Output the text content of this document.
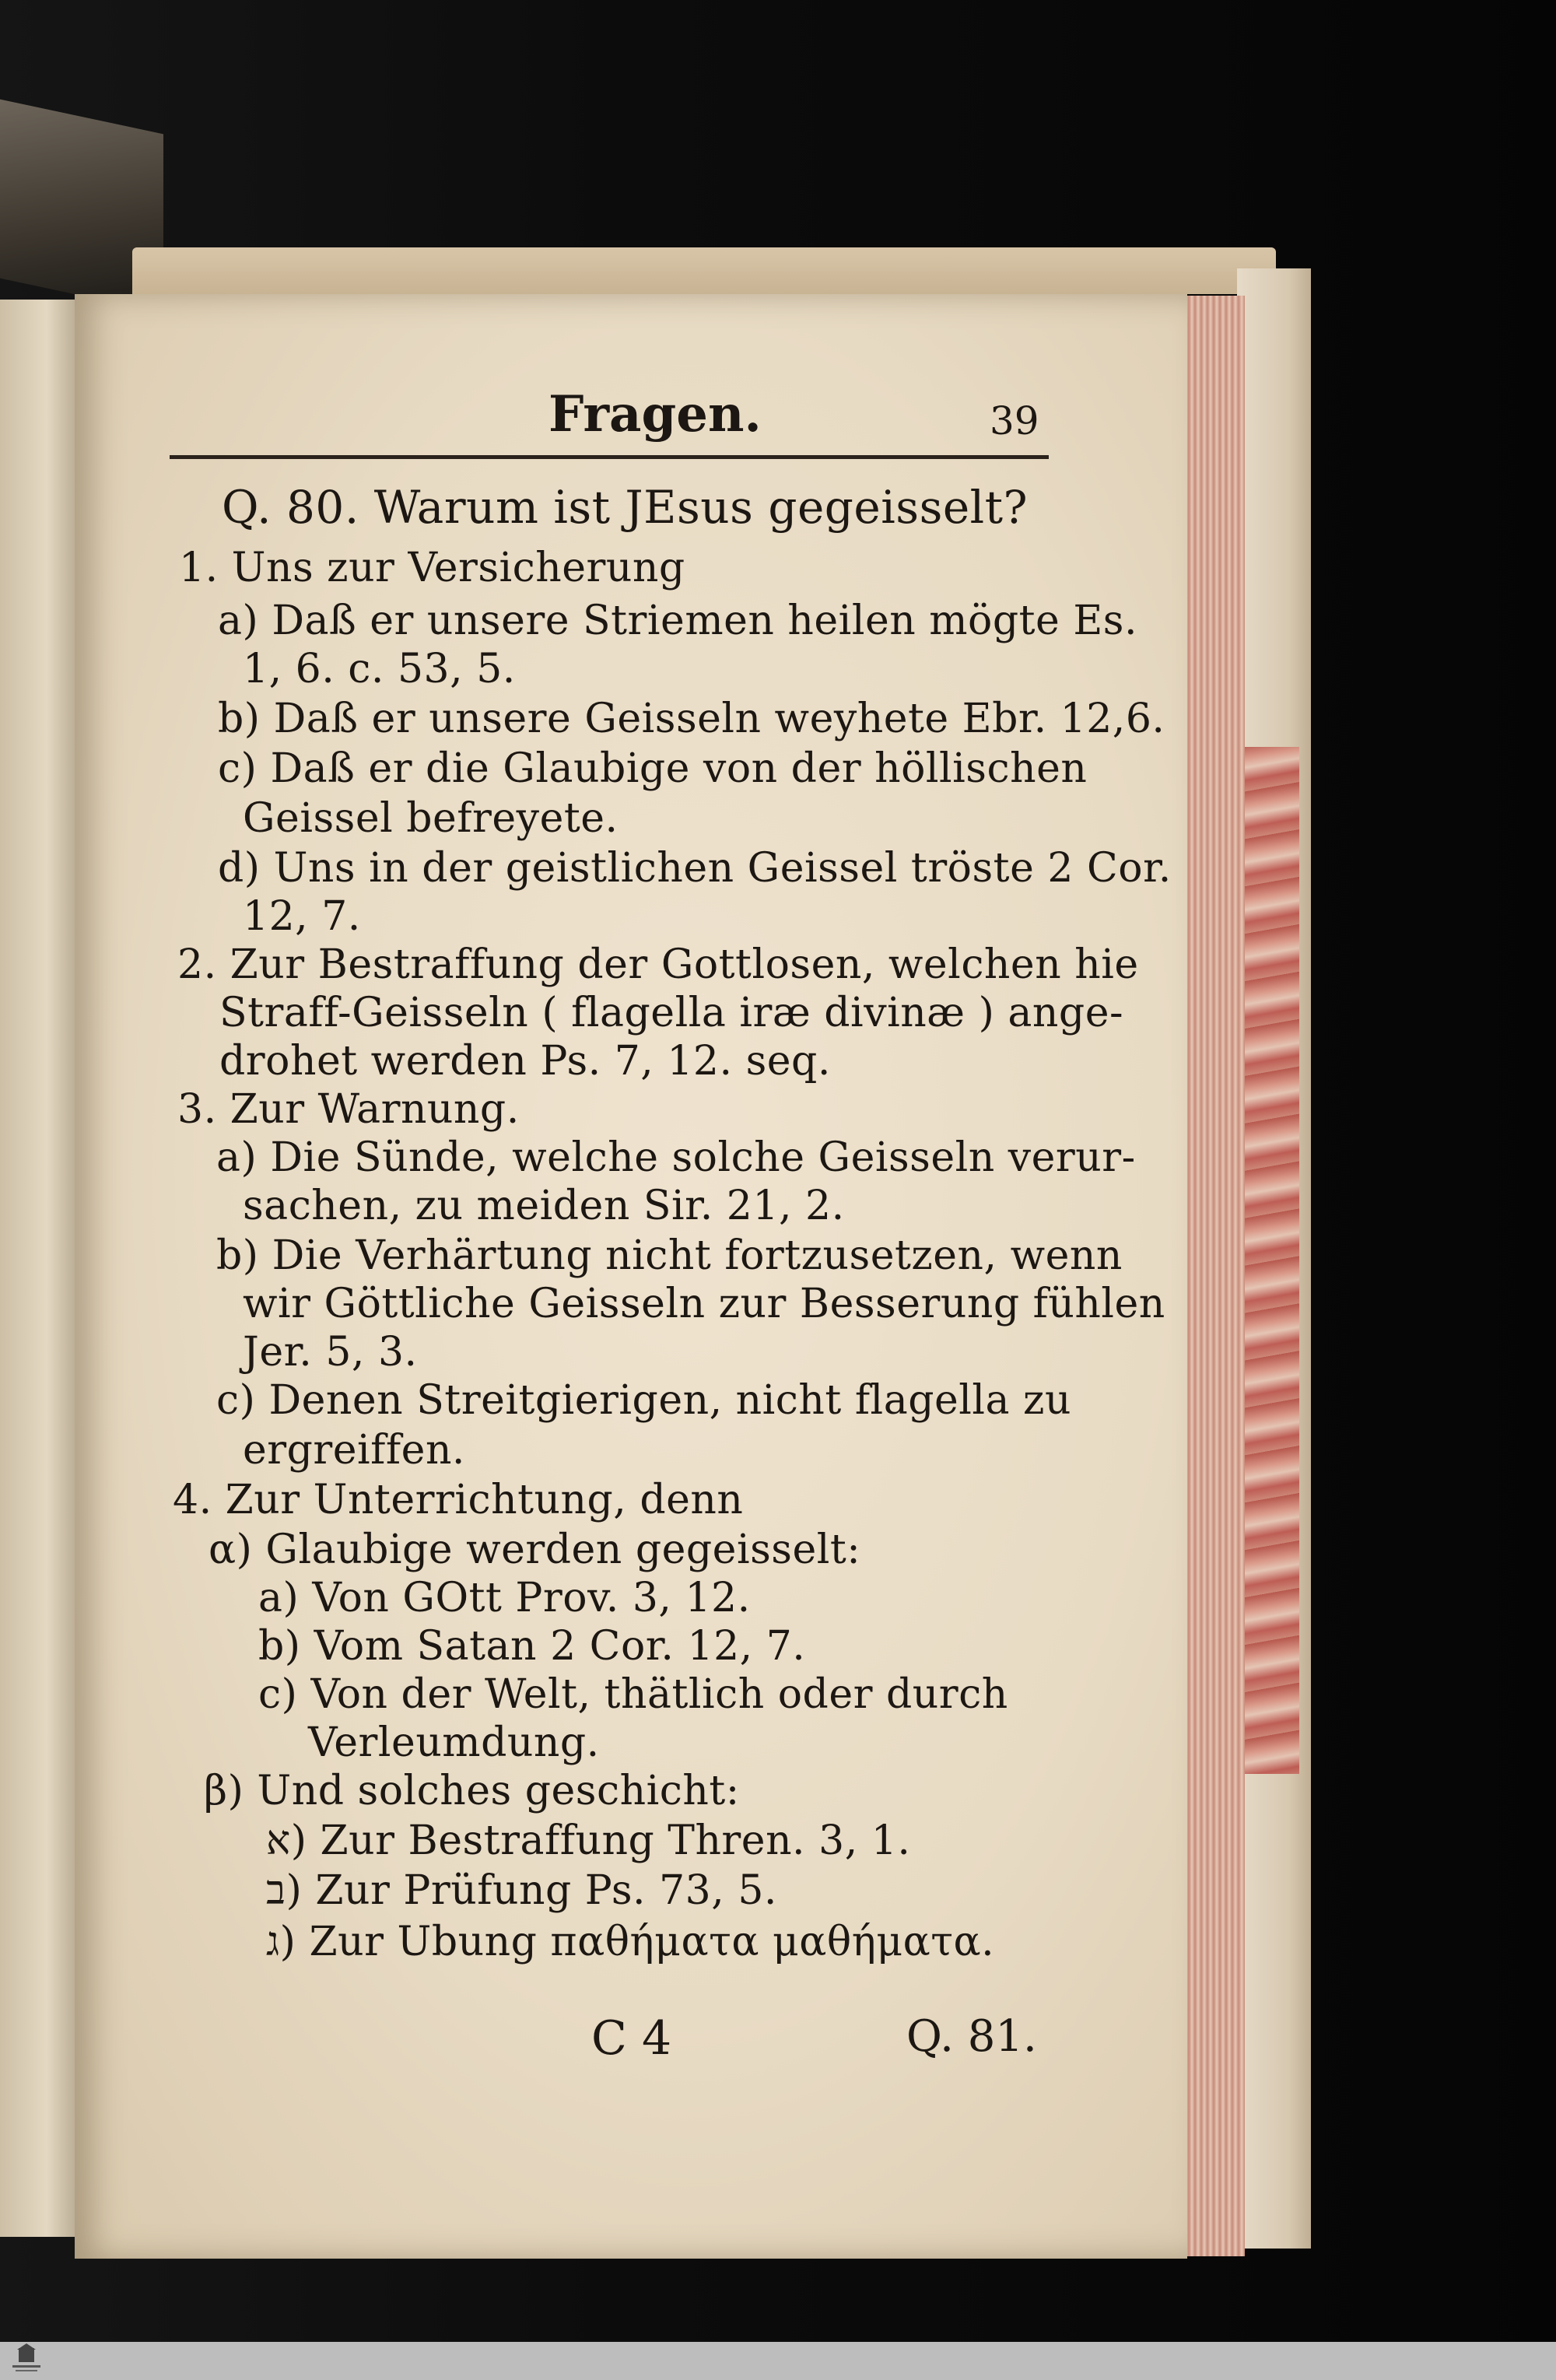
Fragen.	39
Q. 80. Warum ist JEsus gegeisselt?
1. Uns zur Versicherung
a) Daß er unsere Striemen heilen mögte Es.
1, 6. c. 53, 5.
b) Daß er unsere Geisseln weyhete Ebr. 12,6.
c) Daß er die Glaubige von der höllischen
Geissel befreyete.
d) Uns in der geistlichen Geissel tröste 2 Cor.
12, 7.
2. Zur Bestraffung der Gottlosen, welchen hie
Straff-Geisseln ( flagella iræ divinæ ) ange-
drohet werden Ps. 7, 12. seq.
3. Zur Warnung.
a) Die Sünde, welche solche Geisseln verur-
sachen, zu meiden Sir. 21, 2.
b) Die Verhärtung nicht fortzusetzen, wenn
wir Göttliche Geisseln zur Besserung fühlen
Jer. 5, 3.
c) Denen Streitgierigen, nicht flagella zu
ergreiffen.
4. Zur Unterrichtung, denn
α) Glaubige werden gegeisselt:
a) Von GOtt Prov. 3, 12.
b) Vom Satan 2 Cor. 12, 7.
c) Von der Welt, thätlich oder durch
Verleumdung.
β) Und solches geschicht:
א) Zur Bestraffung Thren. 3, 1.
ב) Zur Prüfung Ps. 73, 5.
ג) Zur Ubung παθήματα μαθήματα.
C 4	Q. 81.
